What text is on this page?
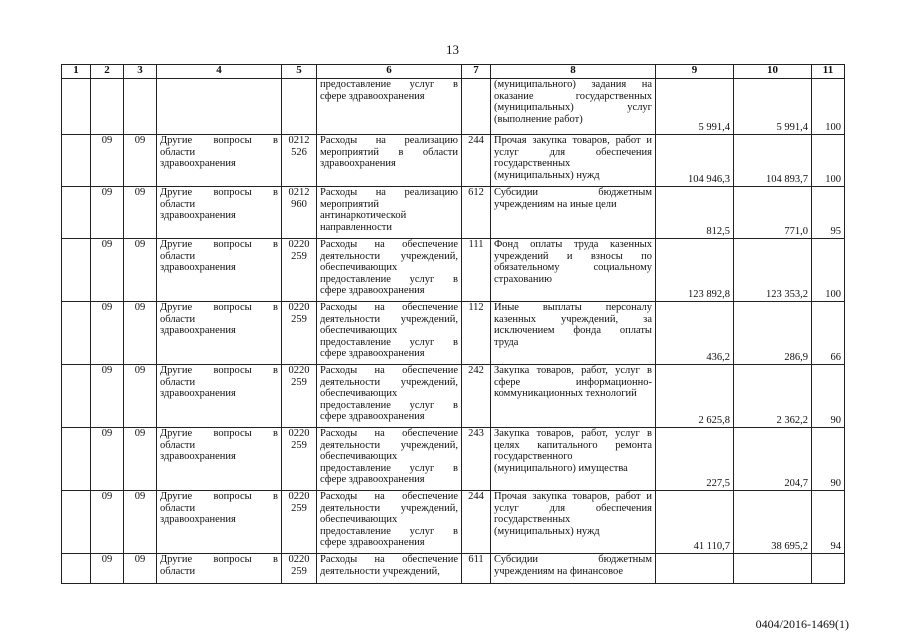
13
1	2	3	4	5	6	7	8	9	10	11

					предоставление услуг в
сфере здравоохранения		(муниципального) задания на
оказание государственных
(муниципальных) услуг
(выполнение работ)	5 991,4	5 991,4	100
	09	09	Другие вопросы в
области
здравоохранения	0212
526	Расходы на реализацию
мероприятий в области
здравоохранения	244	Прочая закупка товаров, работ и
услуг для обеспечения
государственных
(муниципальных) нужд	104 946,3	104 893,7	100
	09	09	Другие вопросы в
области
здравоохранения	0212
960	Расходы на реализацию
мероприятий
антинаркотической
направленности	612	Субсидии бюджетным
учреждениям на иные цели	812,5	771,0	95
	09	09	Другие вопросы в
области
здравоохранения	0220
259	Расходы на обеспечение
деятельности учреждений,
обеспечивающих
предоставление услуг в
сфере здравоохранения	111	Фонд оплаты труда казенных
учреждений и взносы по
обязательному социальному
страхованию	123 892,8	123 353,2	100
	09	09	Другие вопросы в
области
здравоохранения	0220
259	Расходы на обеспечение
деятельности учреждений,
обеспечивающих
предоставление услуг в
сфере здравоохранения	112	Иные выплаты персоналу
казенных учреждений, за
исключением фонда оплаты
труда	436,2	286,9	66
	09	09	Другие вопросы в
области
здравоохранения	0220
259	Расходы на обеспечение
деятельности учреждений,
обеспечивающих
предоставление услуг в
сфере здравоохранения	242	Закупка товаров, работ, услуг в
сфере информационно-
коммуникационных технологий	2 625,8	2 362,2	90
	09	09	Другие вопросы в
области
здравоохранения	0220
259	Расходы на обеспечение
деятельности учреждений,
обеспечивающих
предоставление услуг в
сфере здравоохранения	243	Закупка товаров, работ, услуг в
целях капитального ремонта
государственного
(муниципального) имущества	227,5	204,7	90
	09	09	Другие вопросы в
области
здравоохранения	0220
259	Расходы на обеспечение
деятельности учреждений,
обеспечивающих
предоставление услуг в
сфере здравоохранения	244	Прочая закупка товаров, работ и
услуг для обеспечения
государственных
(муниципальных) нужд	41 110,7	38 695,2	94
	09	09	Другие вопросы в
области	0220
259	Расходы на обеспечение
деятельности учреждений,	611	Субсидии бюджетным
учреждениям на финансовое			

0404/2016-1469(1)
